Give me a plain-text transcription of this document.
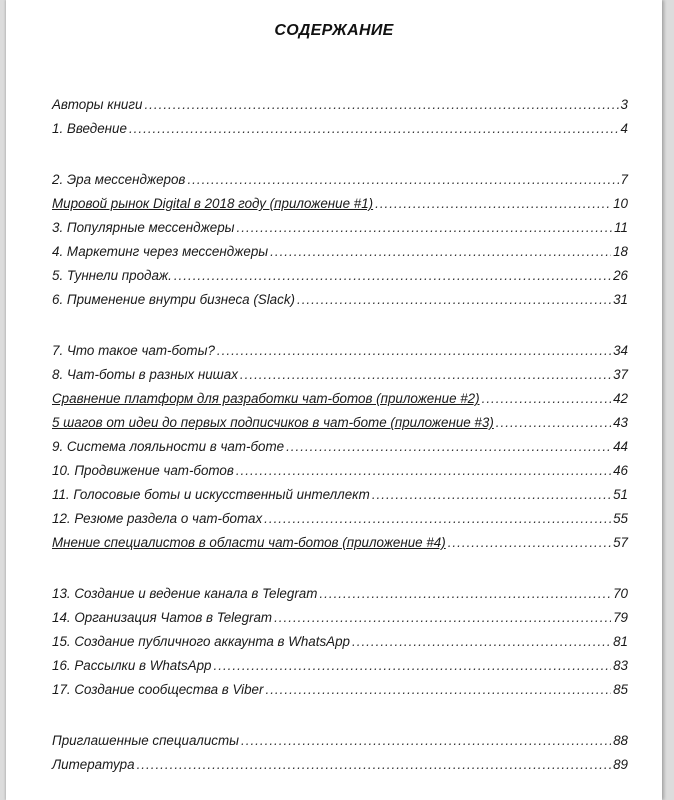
СОДЕРЖАНИЕ
Авторы книги .....	3
1. Введение .....	4
2. Эра мессенджеров .....	7
Мировой рынок Digital в 2018 году (приложение #1) .....	10
3. Популярные мессенджеры .....	11
4. Маркетинг через мессенджеры .....	18
5. Туннели продаж. .....	26
6. Применение внутри бизнеса (Slack) .....	31
7. Что такое чат-боты? .....	34
8. Чат-боты в разных нишах .....	37
Сравнение платформ для разработки чат-ботов (приложение #2) .....	42
5 шагов от идеи до первых подписчиков в чат-боте (приложение #3) .....	43
9. Система лояльности в чат-боте .....	44
10. Продвижение чат-ботов .....	46
11. Голосовые боты и искусственный интеллект .....	51
12. Резюме раздела о чат-ботах .....	55
Мнение специалистов в области чат-ботов (приложение #4) .....	57
13. Создание и ведение канала в Telegram .....	70
14. Организация Чатов в Telegram .....	79
15. Создание публичного аккаунта в WhatsApp .....	81
16. Рассылки в WhatsApp .....	83
17. Создание сообщества в Viber .....	85
Приглашенные специалисты .....	88
Литература .....	89
